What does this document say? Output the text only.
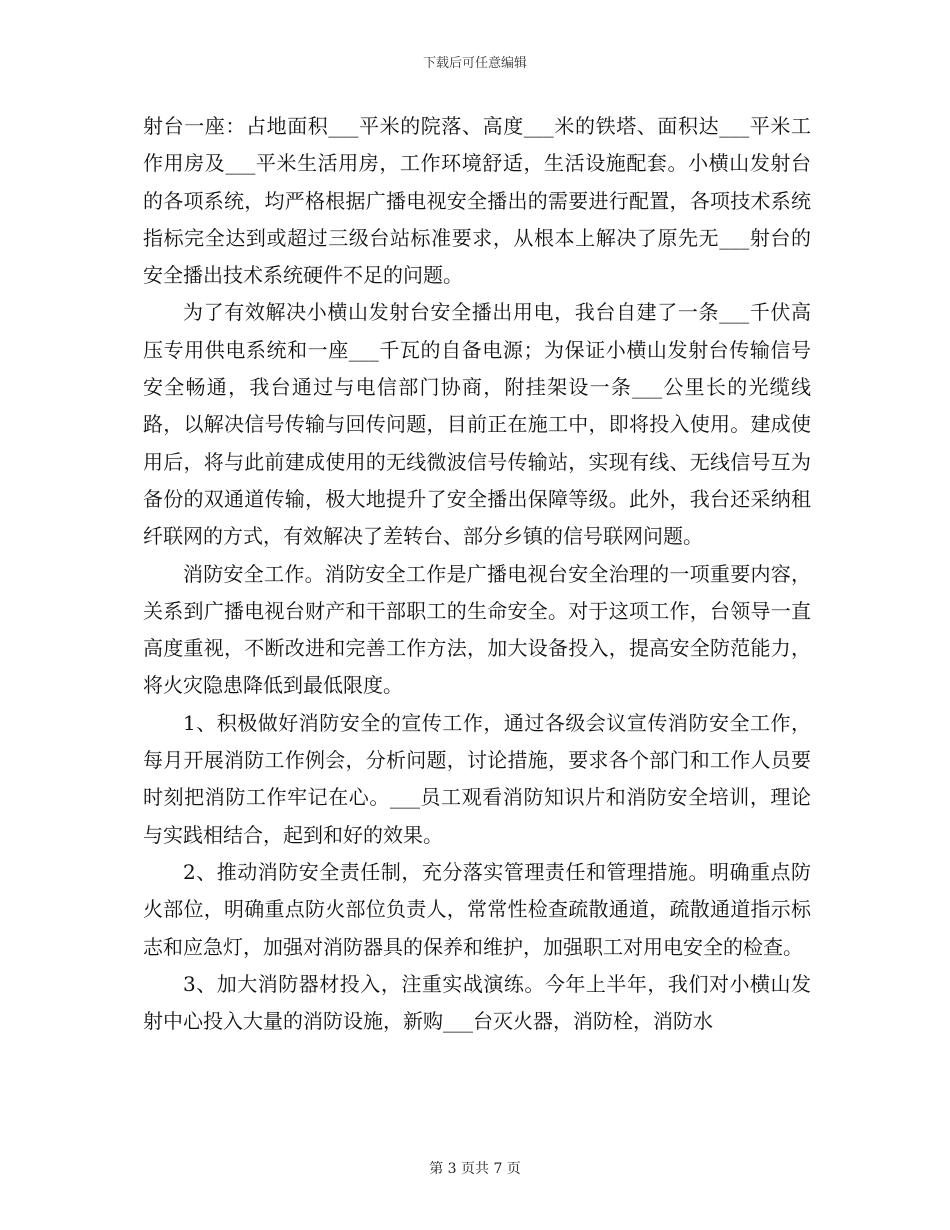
下载后可任意编辑

射台一座：占地面积___平米的院落、高度___米的铁塔、面积达___平米工作用房及___平米生活用房，工作环境舒适，生活设施配套。小横山发射台的各项系统，均严格根据广播电视安全播出的需要进行配置，各项技术系统指标完全达到或超过三级台站标准要求，从根本上解决了原先无___射台的安全播出技术系统硬件不足的问题。

为了有效解决小横山发射台安全播出用电，我台自建了一条___千伏高压专用供电系统和一座___千瓦的自备电源；为保证小横山发射台传输信号安全畅通，我台通过与电信部门协商，附挂架设一条___公里长的光缆线路，以解决信号传输与回传问题，目前正在施工中，即将投入使用。建成使用后，将与此前建成使用的无线微波信号传输站，实现有线、无线信号互为备份的双通道传输，极大地提升了安全播出保障等级。此外，我台还采纳租纤联网的方式，有效解决了差转台、部分乡镇的信号联网问题。

消防安全工作。消防安全工作是广播电视台安全治理的一项重要内容，关系到广播电视台财产和干部职工的生命安全。对于这项工作，台领导一直高度重视，不断改进和完善工作方法，加大设备投入，提高安全防范能力，将火灾隐患降低到最低限度。

1、积极做好消防安全的宣传工作，通过各级会议宣传消防安全工作，每月开展消防工作例会，分析问题，讨论措施，要求各个部门和工作人员要时刻把消防工作牢记在心。___员工观看消防知识片和消防安全培训，理论与实践相结合，起到和好的效果。

2、推动消防安全责任制，充分落实管理责任和管理措施。明确重点防火部位，明确重点防火部位负责人，常常性检查疏散通道，疏散通道指示标志和应急灯，加强对消防器具的保养和维护，加强职工对用电安全的检查。

3、加大消防器材投入，注重实战演练。今年上半年，我们对小横山发射中心投入大量的消防设施，新购___台灭火器，消防栓，消防水

第 3 页共 7 页
